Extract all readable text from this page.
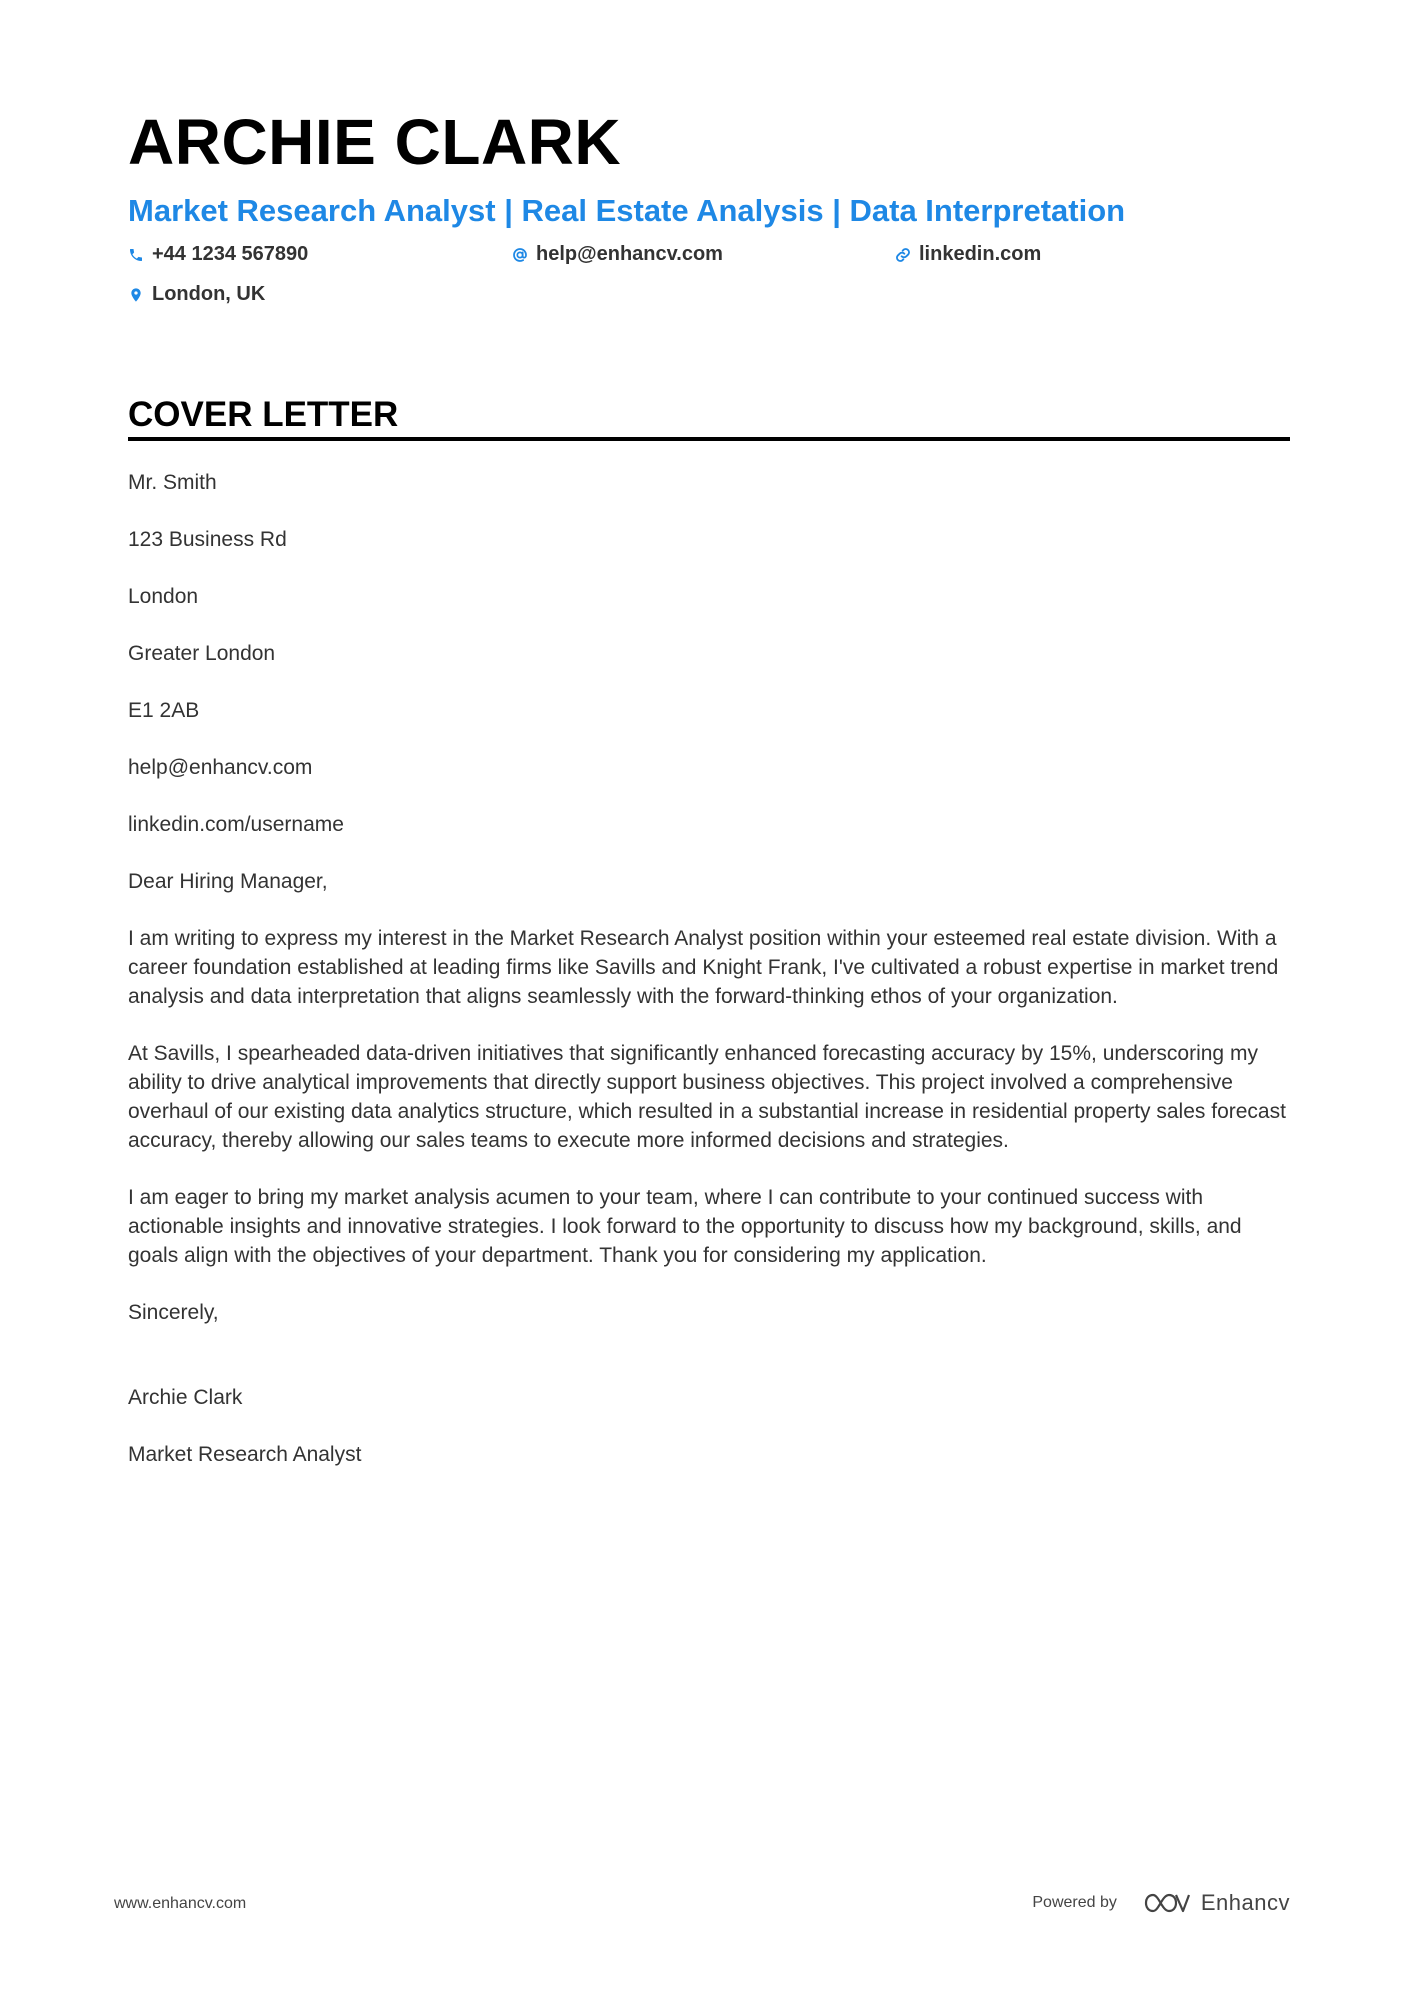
ARCHIE CLARK
Market Research Analyst | Real Estate Analysis | Data Interpretation
+44 1234 567890	help@enhancv.com	linkedin.com
London, UK
COVER LETTER

Mr. Smith

123 Business Rd

London

Greater London

E1 2AB

help@enhancv.com

linkedin.com/username

Dear Hiring Manager,

I am writing to express my interest in the Market Research Analyst position within your esteemed real estate division. With a career foundation established at leading firms like Savills and Knight Frank, I've cultivated a robust expertise in market trend analysis and data interpretation that aligns seamlessly with the forward-thinking ethos of your organization.

At Savills, I spearheaded data-driven initiatives that significantly enhanced forecasting accuracy by 15%, underscoring my ability to drive analytical improvements that directly support business objectives. This project involved a comprehensive overhaul of our existing data analytics structure, which resulted in a substantial increase in residential property sales forecast accuracy, thereby allowing our sales teams to execute more informed decisions and strategies.

I am eager to bring my market analysis acumen to your team, where I can contribute to your continued success with actionable insights and innovative strategies. I look forward to the opportunity to discuss how my background, skills, and goals align with the objectives of your department. Thank you for considering my application.

Sincerely,

Archie Clark

Market Research Analyst

www.enhancv.com	Powered by	Enhancv
